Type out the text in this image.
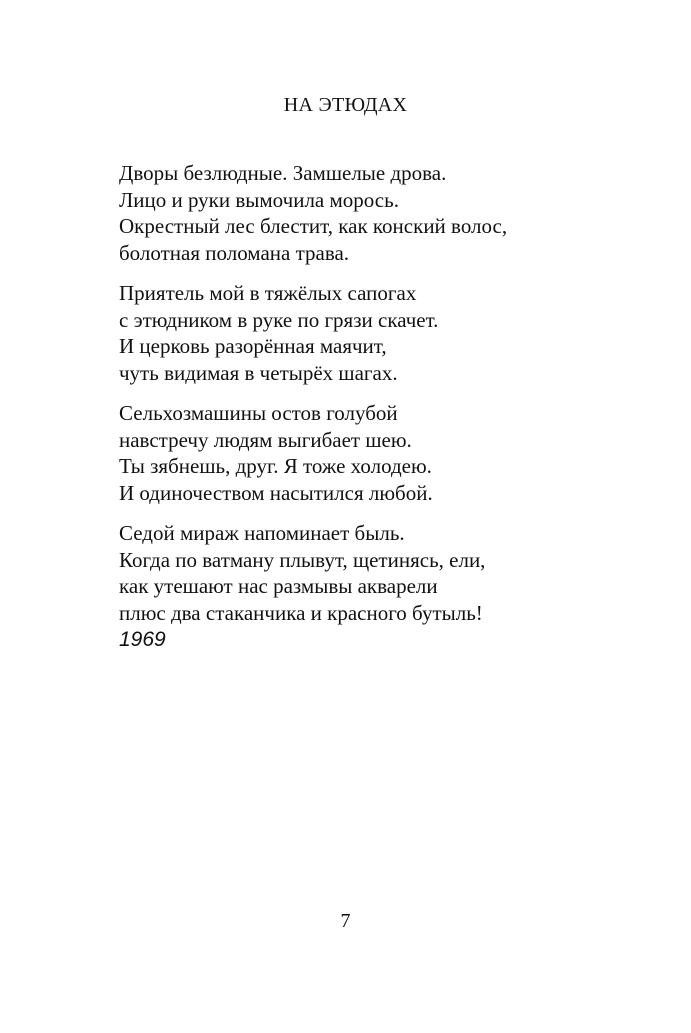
НА ЭТЮДАХ
Дворы безлюдные. Замшелые дрова.
Лицо и руки вымочила морось.
Окрестный лес блестит, как конский волос,
болотная поломана трава.
Приятель мой в тяжёлых сапогах
с этюдником в руке по грязи скачет.
И церковь разорённая маячит,
чуть видимая в четырёх шагах.
Сельхозмашины остов голубой
навстречу людям выгибает шею.
Ты зябнешь, друг. Я тоже холодею.
И одиночеством насытился любой.
Седой мираж напоминает быль.
Когда по ватману плывут, щетинясь, ели,
как утешают нас размывы акварели
плюс два стаканчика и красного бутыль!
1969
7
